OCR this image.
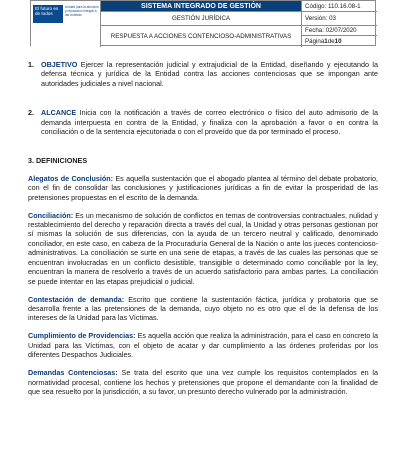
El futuro es de todos
Unidad para la atención y reparación integral a las víctimas
SISTEMA INTEGRADO DE GESTIÓN
GESTIÓN JURÍDICA
RESPUESTA A ACCIONES CONTENCIOSO-ADMINISTRATIVAS
Código: 110.16.08-1
Versión: 03
Fecha: 02/07/2020
Página 1 de 10
1. OBJETIVO Ejercer la representación judicial y extrajudicial de la Entidad, diseñando y ejecutando la defensa técnica y jurídica de la Entidad contra las acciones contenciosas que se impongan ante autoridades judiciales a nivel nacional.

2. ALCANCE Inicia con la notificación a través de correo electrónico o físico del auto admisorio de la demanda interpuesta en contra de la Entidad, y finaliza con la aprobación a favor o en contra la conciliación o de la sentencia ejecutoriada o con el proveído que da por terminado el proceso.

3. DEFINICIONES

Alegatos de Conclusión: Es aquella sustentación que el abogado plantea al término del debate probatorio, con el fin de consolidar las conclusiones y justificaciones jurídicas a fin de evitar la prosperidad de las pretensiones propuestas en el escrito de la demanda.

Conciliación: Es un mecanismo de solución de conflictos en temas de controversias contractuales, nulidad y restablecimiento del derecho y reparación directa a través del cual, la Unidad y otras personas gestionan por sí mismas la solución de sus diferencias, con la ayuda de un tercero neutral y calificado, denominado conciliador, en este caso, en cabeza de la Procuraduría General de la Nación o ante los jueces contencioso-administrativos. La conciliación se surte en una serie de etapas, a través de las cuales las personas que se encuentran involucradas en un conflicto desistible, transigible o determinado como conciliable por la ley, encuentran la manera de resolverlo a través de un acuerdo satisfactorio para ambas partes. La conciliación se puede intentar en las etapas prejudicial o judicial.

Contestación de demanda: Escrito que contiene la sustentación fáctica, jurídica y probatoria que se desarrolla frente a las pretensiones de la demanda, cuyo objeto no es otro que el de la defensa de los intereses de la Unidad para las Víctimas.

Cumplimiento de Providencias: Es aquella acción que realiza la administración, para el caso en concreto la Unidad para las Víctimas, con el objeto de acatar y dar cumplimiento a las órdenes proferidas por los diferentes Despachos Judiciales.

Demandas Contenciosas: Se trata del escrito que una vez cumple los requisitos contemplados en la normatividad procesal, contiene los hechos y pretensiones que propone el demandante con la finalidad de que sea resuelto por la jurisdicción, a su favor, un presunto derecho vulnerado por la administración.
